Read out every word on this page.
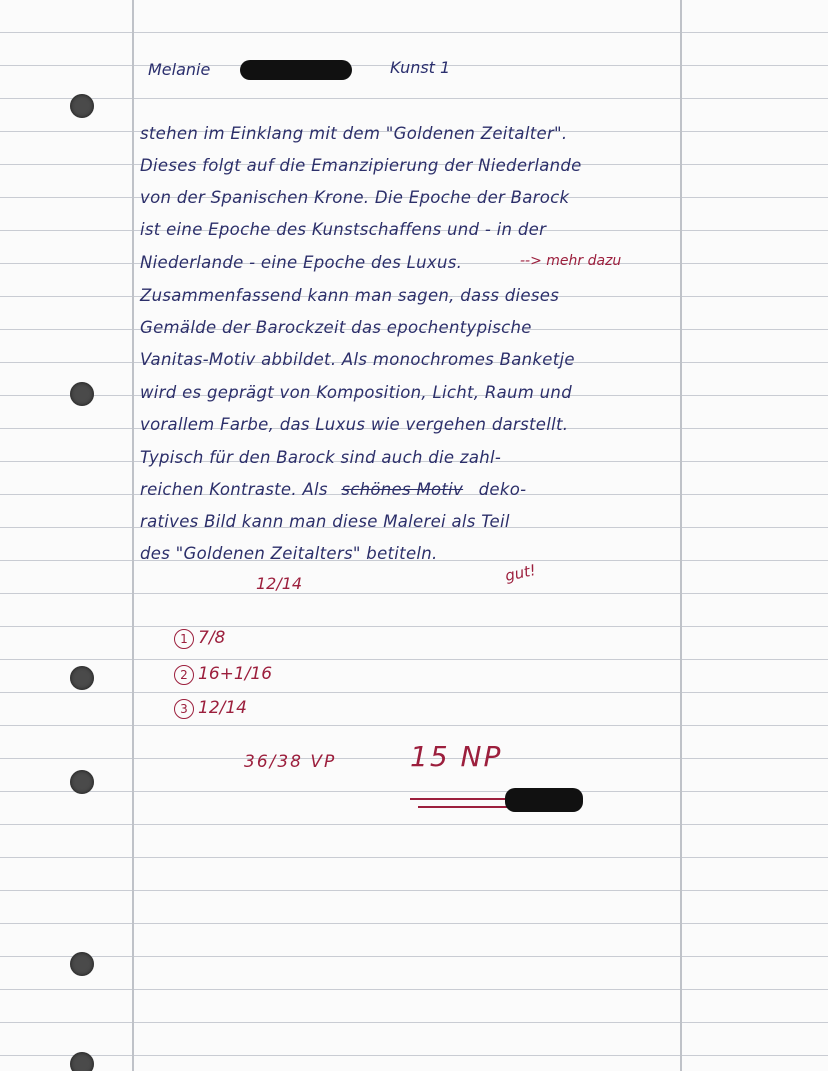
Melanie	Kunst 1
stehen im Einklang mit dem "Goldenen Zeitalter".
Dieses folgt auf die Emanzipierung der Niederlande
von der Spanischen Krone. Die Epoche der Barock
ist eine Epoche des Kunstschaffens und - in der
Niederlande - eine Epoche des Luxus.	--> mehr dazu
Zusammenfassend kann man sagen, dass dieses
Gemälde der Barockzeit das epochentypische
Vanitas-Motiv abbildet. Als monochromes Banketje
wird es geprägt von Komposition, Licht, Raum und
vorallem Farbe, das Luxus wie vergehen darstellt.
Typisch für den Barock sind auch die zahl-
reichen Kontraste. Als schönes Motiv deko-
ratives Bild kann man diese Malerei als Teil
des "Goldenen Zeitalters" betiteln.
gut!
12/14
1 7/8
2 16+1/16
3 12/14
36/38 VP	15 NP
